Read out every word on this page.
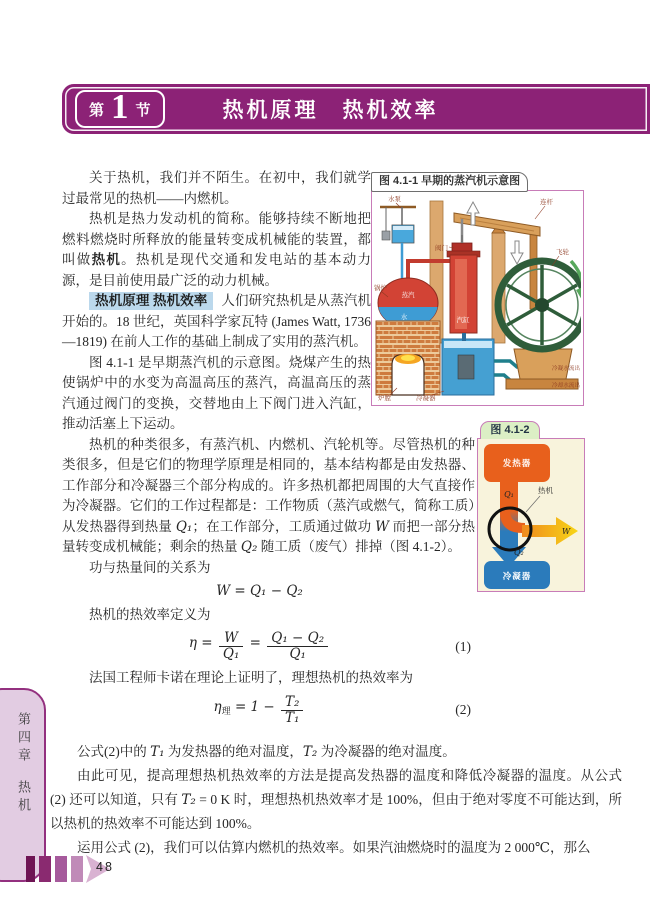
第 1 节	热机原理　热机效率
图 4.1-1 早期的蒸汽机示意图
水泵
阀门
连杆
飞轮
锅炉
蒸汽
水	汽缸
炉膛	冷凝器
冷凝水流出
冷却水流出

关于热机，我们并不陌生。在初中，我们就学过最常见的热机——内燃机。

热机是热力发动机的简称。能够持续不断地把燃料燃烧时所释放的能量转变成机械能的装置，都叫做热机。热机是现代交通和发电站的基本动力源，是目前使用最广泛的动力机械。

热机原理 热机效率 人们研究热机是从蒸汽机开始的。18 世纪，英国科学家瓦特 (James Watt, 1736—1819) 在前人工作的基础上制成了实用的蒸汽机。

图 4.1-1 是早期蒸汽机的示意图。烧煤产生的热使锅炉中的水变为高温高压的蒸汽，高温高压的蒸汽通过阀门的变换，交替地由上下阀门进入汽缸，推动活塞上下运动。

热机的种类很多，有蒸汽机、内燃机、汽轮机等。尽管热机的种类很多，但是它们的物理学原理是相同的，基本结构都是由发热器、工作部分和冷凝器三个部分构成的。许多热机都把周围的大气直接作为冷凝器。它们的工作过程都是：工作物质（蒸汽或燃气，简称工质）从发热器得到热量 Q₁；在工作部分，工质通过做功 W 而把一部分热量转变成机械能；剩余的热量 Q₂ 随工质（废气）排掉（图 4.1-2）。

功与热量间的关系为

W = Q₁ − Q₂

热机的热效率定义为

$\eta = \frac{W}{\text{Q₁}} = \frac{\text{Q₁ − Q₂}}{\text{Q₁}}$	(1)

法国工程师卡诺在理论上证明了，理想热机的热效率为

$\eta_理 = 1 - \frac{\text{T₂}}{\text{T₁}}$	(2)
图 4.1-2
发热器
Q₁	热机
W
Q₂
冷凝器

公式(2)中的 T₁ 为发热器的绝对温度，T₂ 为冷凝器的绝对温度。

由此可见，提高理想热机热效率的方法是提高发热器的温度和降低冷凝器的温度。从公式 (2) 还可以知道，只有 T₂ = 0 K 时，理想热机热效率才是 100%，但由于绝对零度不可能达到，所以热机的热效率不可能达到 100%。

运用公式 (2)，我们可以估算内燃机的热效率。如果汽油燃烧时的温度为 2 000℃，那么

第四章热机
48
